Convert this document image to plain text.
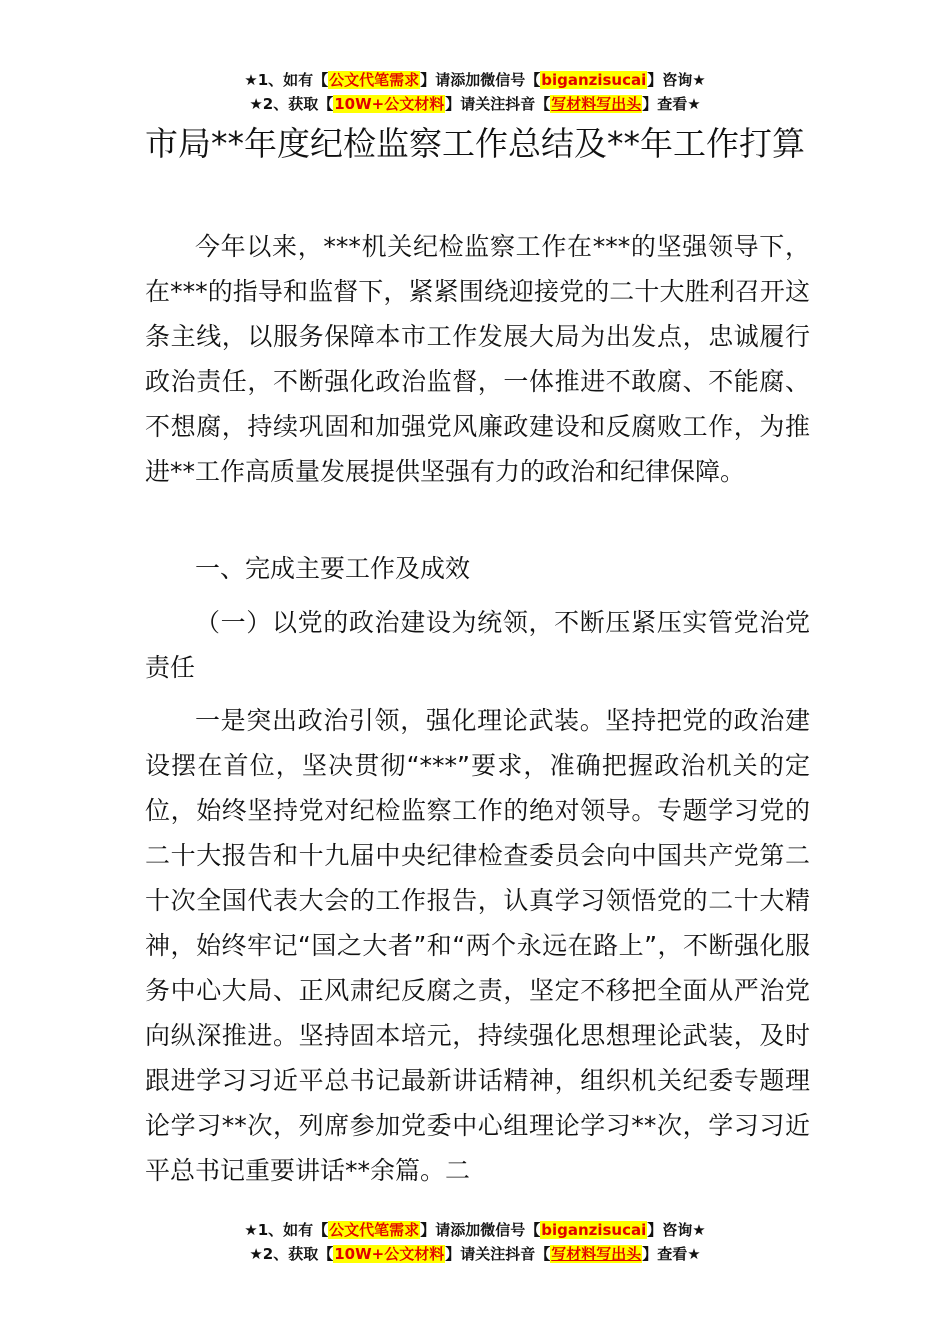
★1、如有【公文代笔需求】请添加微信号【biganzisucai】咨询★
★2、获取【10W+公文材料】请关注抖音【写材料写出头】查看★
市局**年度纪检监察工作总结及**年工作打算

今年以来，***机关纪检监察工作在***的坚强领导下，在***的指导和监督下，紧紧围绕迎接党的二十大胜利召开这条主线，以服务保障本市工作发展大局为出发点，忠诚履行政治责任，不断强化政治监督，一体推进不敢腐、不能腐、不想腐，持续巩固和加强党风廉政建设和反腐败工作，为推进**工作高质量发展提供坚强有力的政治和纪律保障。

一、完成主要工作及成效

（一）以党的政治建设为统领，不断压紧压实管党治党责任

一是突出政治引领，强化理论武装。坚持把党的政治建设摆在首位，坚决贯彻“***”要求，准确把握政治机关的定位，始终坚持党对纪检监察工作的绝对领导。专题学习党的二十大报告和十九届中央纪律检查委员会向中国共产党第二十次全国代表大会的工作报告，认真学习领悟党的二十大精神，始终牢记“国之大者”和“两个永远在路上”，不断强化服务中心大局、正风肃纪反腐之责，坚定不移把全面从严治党向纵深推进。坚持固本培元，持续强化思想理论武装，及时跟进学习习近平总书记最新讲话精神，组织机关纪委专题理论学习**次，列席参加党委中心组理论学习**次，学习习近平总书记重要讲话**余篇。二

★1、如有【公文代笔需求】请添加微信号【biganzisucai】咨询★
★2、获取【10W+公文材料】请关注抖音【写材料写出头】查看★
